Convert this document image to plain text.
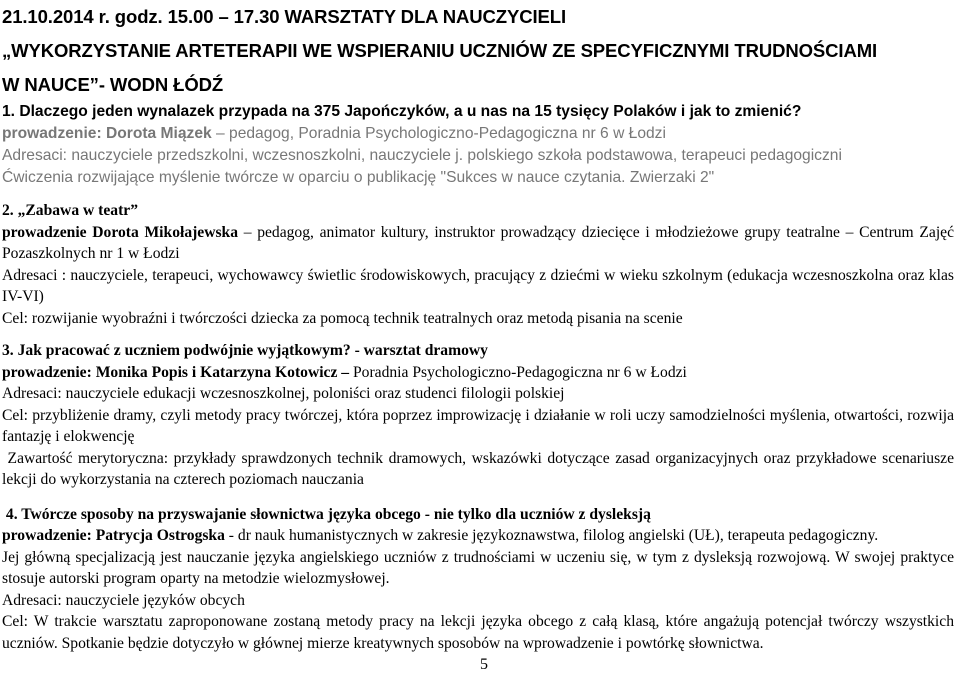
21.10.2014 r. godz. 15.00 – 17.30 WARSZTATY DLA NAUCZYCIELI

„WYKORZYSTANIE ARTETERAPII WE WSPIERANIU UCZNIÓW ZE SPECYFICZNYMI TRUDNOŚCIAMI

W NAUCE”- WODN ŁÓDŹ

1. Dlaczego jeden wynalazek przypada na 375 Japończyków, a u nas na 15 tysięcy Polaków i jak to zmienić?

prowadzenie: Dorota Miązek – pedagog, Poradnia Psychologiczno-Pedagogiczna nr 6 w Łodzi

Adresaci: nauczyciele przedszkolni, wczesnoszkolni, nauczyciele j. polskiego szkoła podstawowa, terapeuci pedagogiczni

Ćwiczenia rozwijające myślenie twórcze w oparciu o publikację "Sukces w nauce czytania. Zwierzaki 2"

2. „Zabawa w teatr”

prowadzenie Dorota Mikołajewska – pedagog, animator kultury, instruktor prowadzący dziecięce i młodzieżowe grupy teatralne – Centrum Zajęć Pozaszkolnych nr 1 w Łodzi

Adresaci : nauczyciele, terapeuci, wychowawcy świetlic środowiskowych, pracujący z dziećmi w wieku szkolnym (edukacja wczesnoszkolna oraz klas IV-VI)

Cel: rozwijanie wyobraźni i twórczości dziecka za pomocą technik teatralnych oraz metodą pisania na scenie

3. Jak pracować z uczniem podwójnie wyjątkowym? - warsztat dramowy

prowadzenie: Monika Popis i Katarzyna Kotowicz – Poradnia Psychologiczno-Pedagogiczna nr 6 w Łodzi

Adresaci: nauczyciele edukacji wczesnoszkolnej, poloniści oraz studenci filologii polskiej

Cel: przybliżenie dramy, czyli metody pracy twórczej, która poprzez improwizację i działanie w roli uczy samodzielności myślenia, otwartości, rozwija fantazję i elokwencję

Zawartość merytoryczna: przykłady sprawdzonych technik dramowych, wskazówki dotyczące zasad organizacyjnych oraz przykładowe scenariusze lekcji do wykorzystania na czterech poziomach nauczania

4. Twórcze sposoby na przyswajanie słownictwa języka obcego - nie tylko dla uczniów z dysleksją

prowadzenie: Patrycja Ostrogska - dr nauk humanistycznych w zakresie językoznawstwa, filolog angielski (UŁ), terapeuta pedagogiczny.

Jej główną specjalizacją jest nauczanie języka angielskiego uczniów z trudnościami w uczeniu się, w tym z dysleksją rozwojową. W swojej praktyce stosuje autorski program oparty na metodzie wielozmysłowej.

Adresaci: nauczyciele języków obcych

Cel: W trakcie warsztatu zaproponowane zostaną metody pracy na lekcji języka obcego z całą klasą, które angażują potencjał twórczy wszystkich uczniów. Spotkanie będzie dotyczyło w głównej mierze kreatywnych sposobów na wprowadzenie i powtórkę słownictwa.

5
